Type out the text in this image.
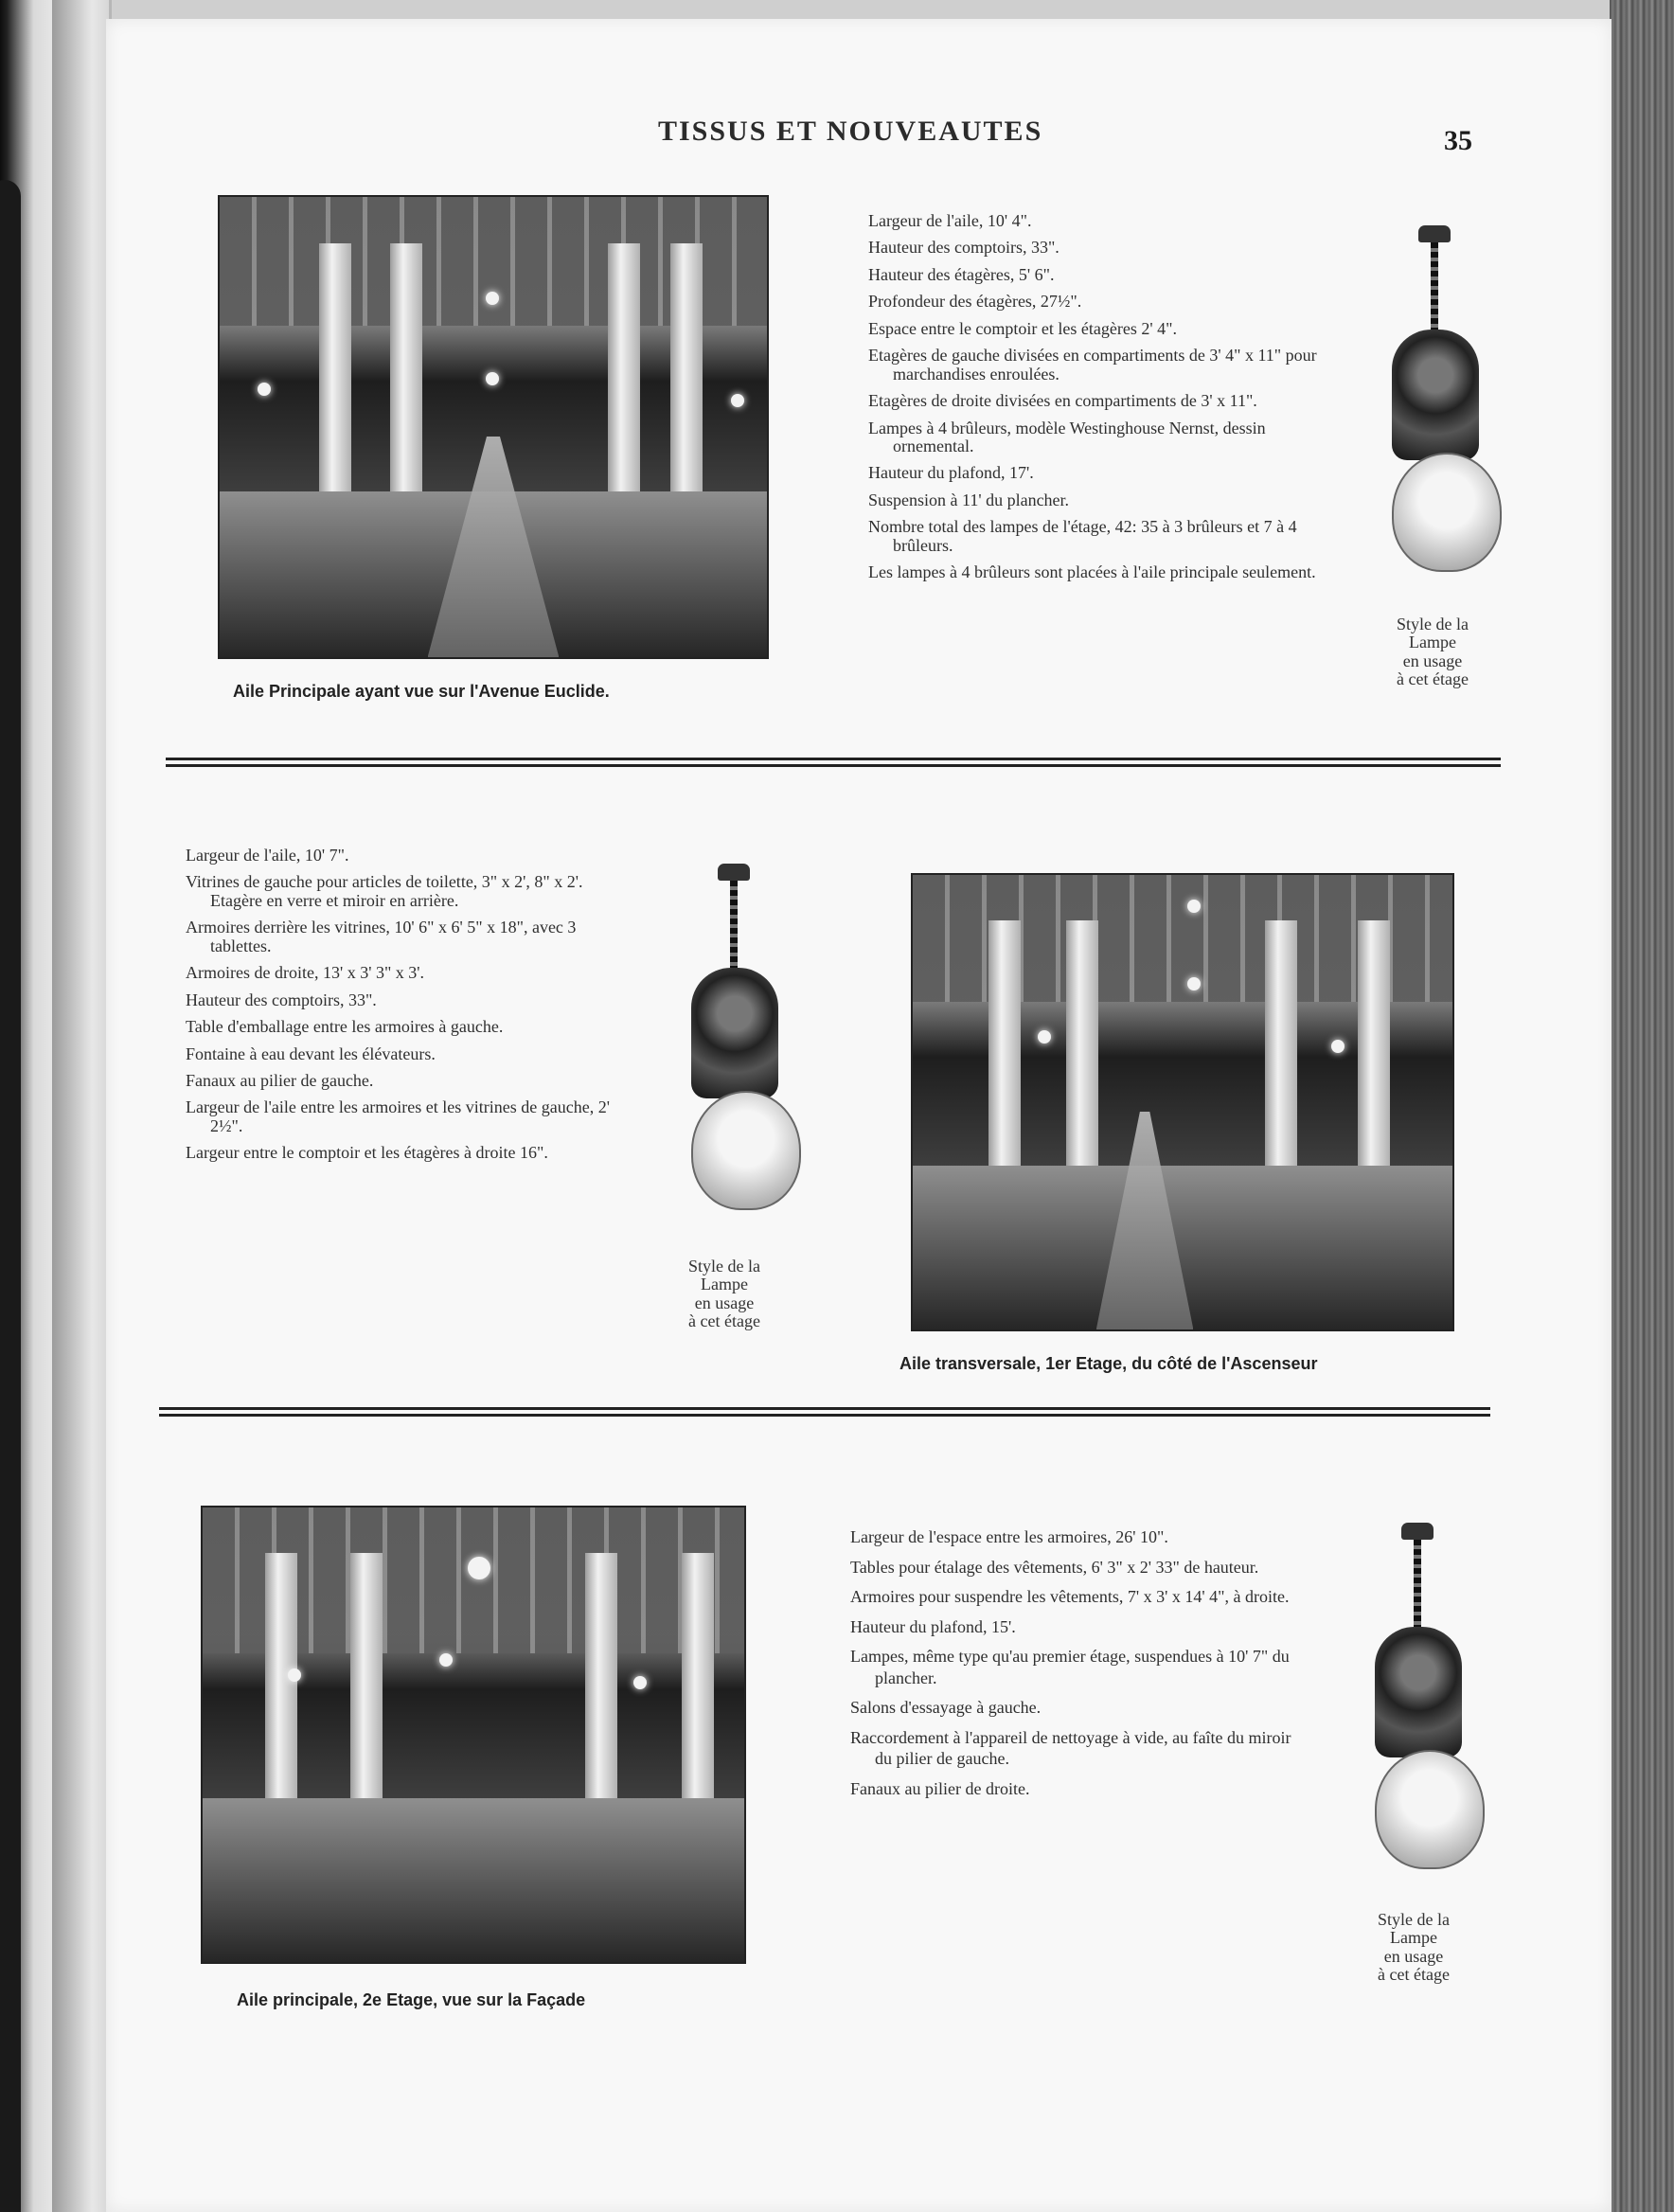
TISSUS ET NOUVEAUTES	35
Aile Principale ayant vue sur l'Avenue Euclide.

Largeur de l'aile, 10' 4".

Hauteur des comptoirs, 33".

Hauteur des étagères, 5' 6".

Profondeur des étagères, 27½".

Espace entre le comptoir et les étagères 2' 4".

Etagères de gauche divisées en compartiments de 3' 4" x 11" pour marchandises enroulées.

Etagères de droite divisées en compartiments de 3' x 11".

Lampes à 4 brûleurs, modèle Westinghouse Nernst, dessin ornemental.

Hauteur du plafond, 17'.

Suspension à 11' du plancher.

Nombre total des lampes de l'étage, 42: 35 à 3 brûleurs et 7 à 4 brûleurs.

Les lampes à 4 brûleurs sont placées à l'aile principale seulement.

Style de la
Lampe
en usage
à cet étage

Largeur de l'aile, 10' 7".

Vitrines de gauche pour articles de toilette, 3" x 2', 8" x 2'. Etagère en verre et miroir en arrière.

Armoires derrière les vitrines, 10' 6" x 6' 5" x 18", avec 3 tablettes.

Armoires de droite, 13' x 3' 3" x 3'.

Hauteur des comptoirs, 33".

Table d'emballage entre les armoires à gauche.

Fontaine à eau devant les élévateurs.

Fanaux au pilier de gauche.

Largeur de l'aile entre les armoires et les vitrines de gauche, 2' 2½".

Largeur entre le comptoir et les étagères à droite 16".

Style de la
Lampe
en usage
à cet étage
Aile transversale, 1er Etage, du côté de l'Ascenseur
Aile principale, 2e Etage, vue sur la Façade

Largeur de l'espace entre les armoires, 26' 10".

Tables pour étalage des vêtements, 6' 3" x 2' 33" de hauteur.

Armoires pour suspendre les vêtements, 7' x 3' x 14' 4", à droite.

Hauteur du plafond, 15'.

Lampes, même type qu'au premier étage, suspendues à 10' 7" du plancher.

Salons d'essayage à gauche.

Raccordement à l'appareil de nettoyage à vide, au faîte du miroir du pilier de gauche.

Fanaux au pilier de droite.

Style de la
Lampe
en usage
à cet étage
